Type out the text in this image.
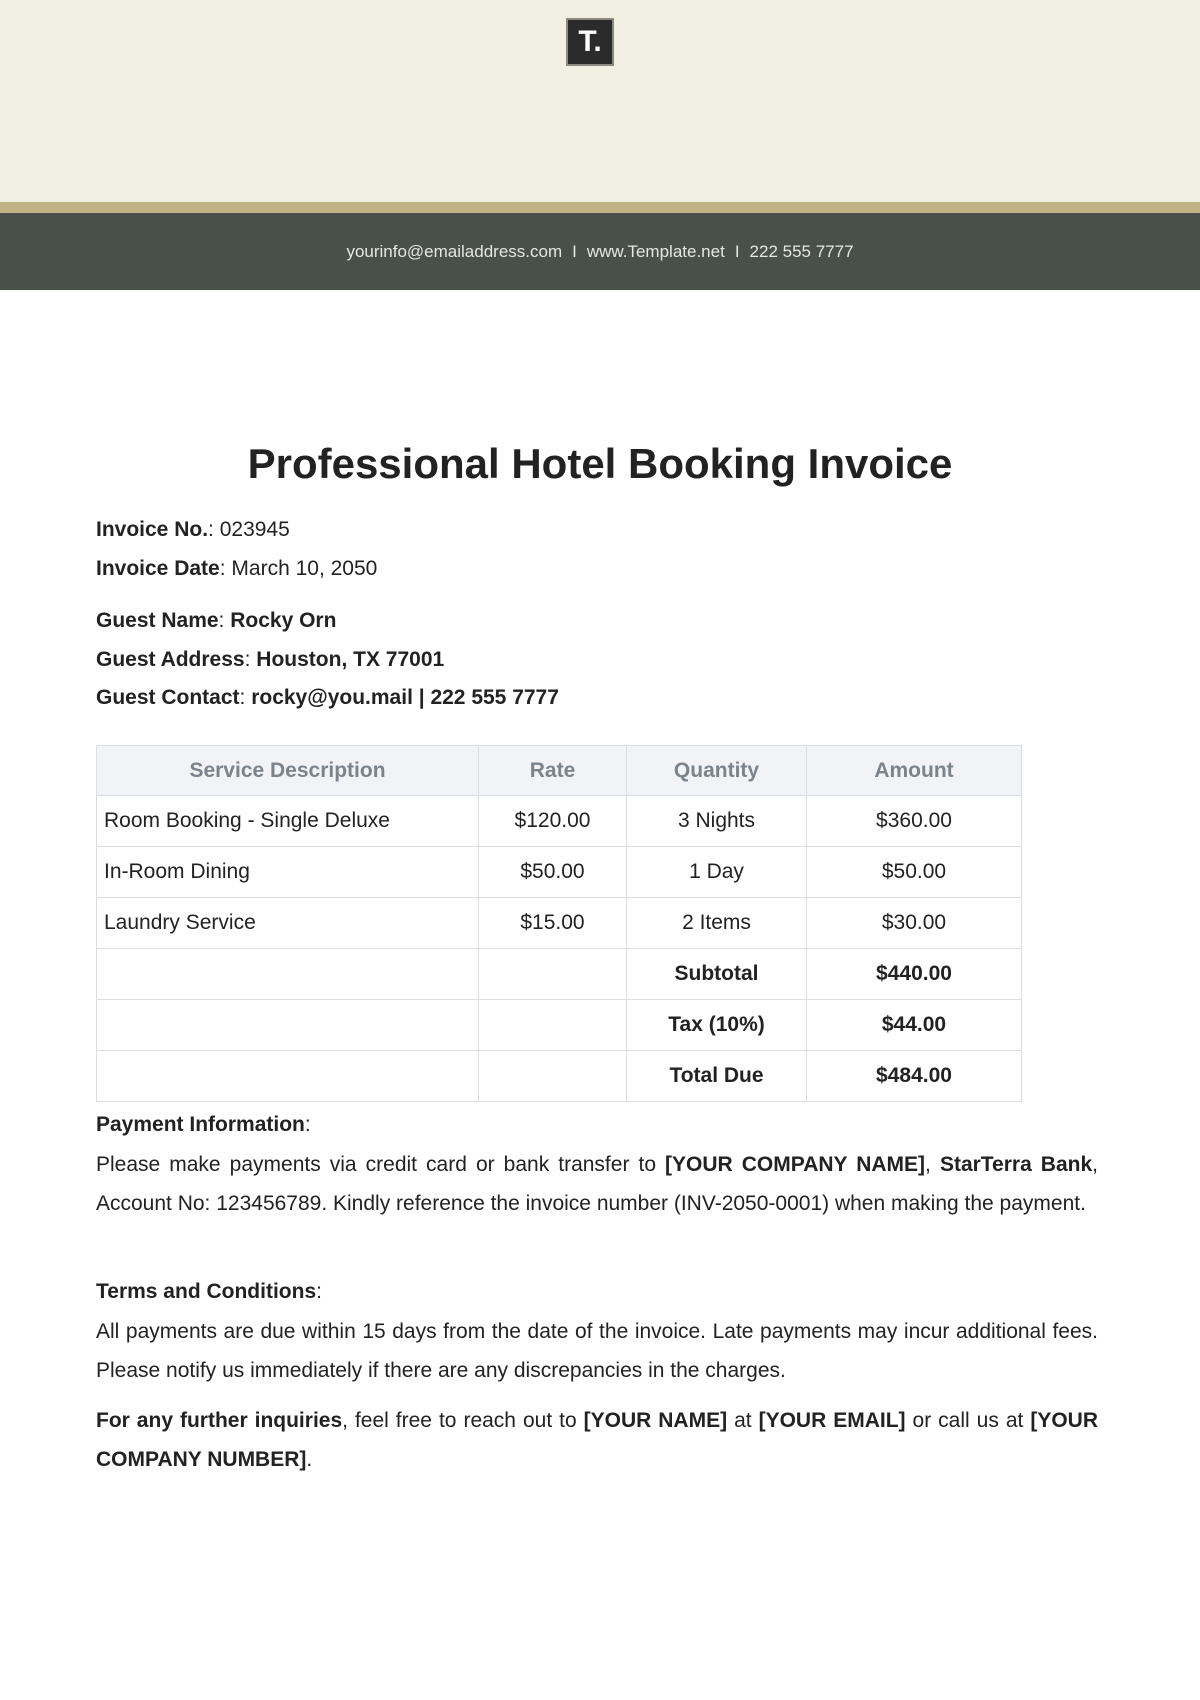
T.
yourinfo@emailaddress.com I www.Template.net I 222 555 7777
Professional Hotel Booking Invoice
Invoice No.: 023945
Invoice Date: March 10, 2050
Guest Name: Rocky Orn
Guest Address: Houston, TX 77001
Guest Contact: rocky@you.mail | 222 555 7777
Service Description	Rate	Quantity	Amount
Room Booking - Single Deluxe	$120.00	3 Nights	$360.00
In-Room Dining	$50.00	1 Day	$50.00
Laundry Service	$15.00	2 Items	$30.00
		Subtotal	$440.00
		Tax (10%)	$44.00
		Total Due	$484.00
Payment Information:
Please make payments via credit card or bank transfer to [YOUR COMPANY NAME], StarTerra Bank, Account No: 123456789. Kindly reference the invoice number (INV-2050-0001) when making the payment.
Terms and Conditions:
All payments are due within 15 days from the date of the invoice. Late payments may incur additional fees. Please notify us immediately if there are any discrepancies in the charges.
For any further inquiries, feel free to reach out to [YOUR NAME] at [YOUR EMAIL] or call us at [YOUR COMPANY NUMBER].
